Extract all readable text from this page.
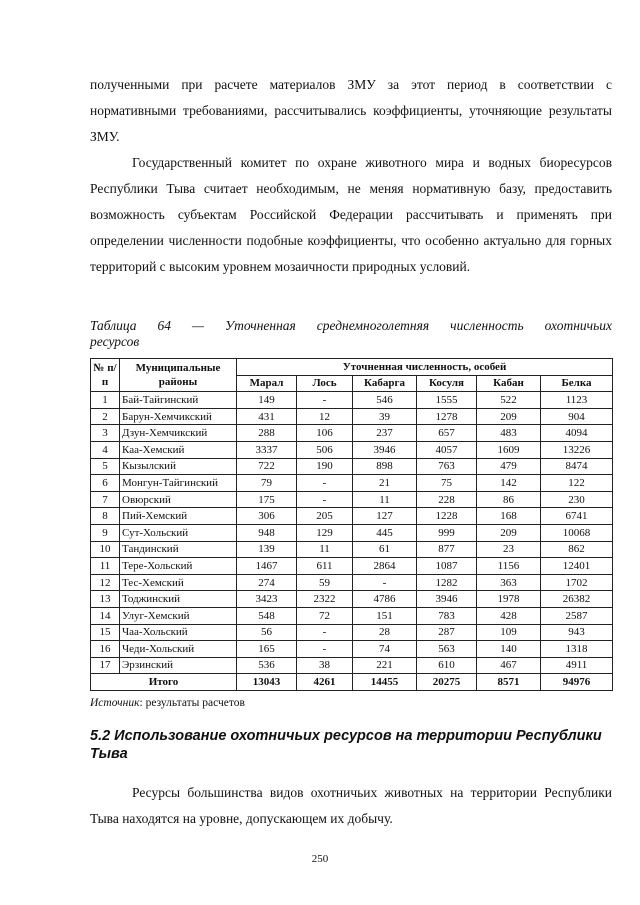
полученными при расчете материалов ЗМУ за этот период в соответствии с нормативными требованиями, рассчитывались коэффициенты, уточняющие результаты ЗМУ.

Государственный комитет по охране животного мира и водных биоресурсов Республики Тыва считает необходимым, не меняя нормативную базу, предоставить возможность субъектам Российской Федерации рассчитывать и применять при определении численности подобные коэффициенты, что особенно актуально для горных территорий с высоким уровнем мозаичности природных условий.

Таблица 64 — Уточненная среднемноголетняя численность охотничьих
ресурсов
№ п/п	Муниципальные районы	Уточненная численность, особей					
		Марал	Лось	Кабарга	Косуля	Кабан	Белка
1	Бай-Тайгинский	149	-	546	1555	522	1123
2	Барун-Хемчикский	431	12	39	1278	209	904
3	Дзун-Хемчикский	288	106	237	657	483	4094
4	Каа-Хемский	3337	506	3946	4057	1609	13226
5	Кызылский	722	190	898	763	479	8474
6	Монгун-Тайгинский	79	-	21	75	142	122
7	Овюрский	175	-	11	228	86	230
8	Пий-Хемский	306	205	127	1228	168	6741
9	Сут-Хольский	948	129	445	999	209	10068
10	Тандинский	139	11	61	877	23	862
11	Тере-Хольский	1467	611	2864	1087	1156	12401
12	Тес-Хемский	274	59	-	1282	363	1702
13	Тоджинский	3423	2322	4786	3946	1978	26382
14	Улуг-Хемский	548	72	151	783	428	2587
15	Чаа-Хольский	56	-	28	287	109	943
16	Чеди-Хольский	165	-	74	563	140	1318
17	Эрзинский	536	38	221	610	467	4911
Итого		13043	4261	14455	20275	8571	94976
Источник: результаты расчетов
5.2 Использование охотничьих ресурсов на территории Республики Тыва

Ресурсы большинства видов охотничьих животных на территории Республики Тыва находятся на уровне, допускающем их добычу.

250
